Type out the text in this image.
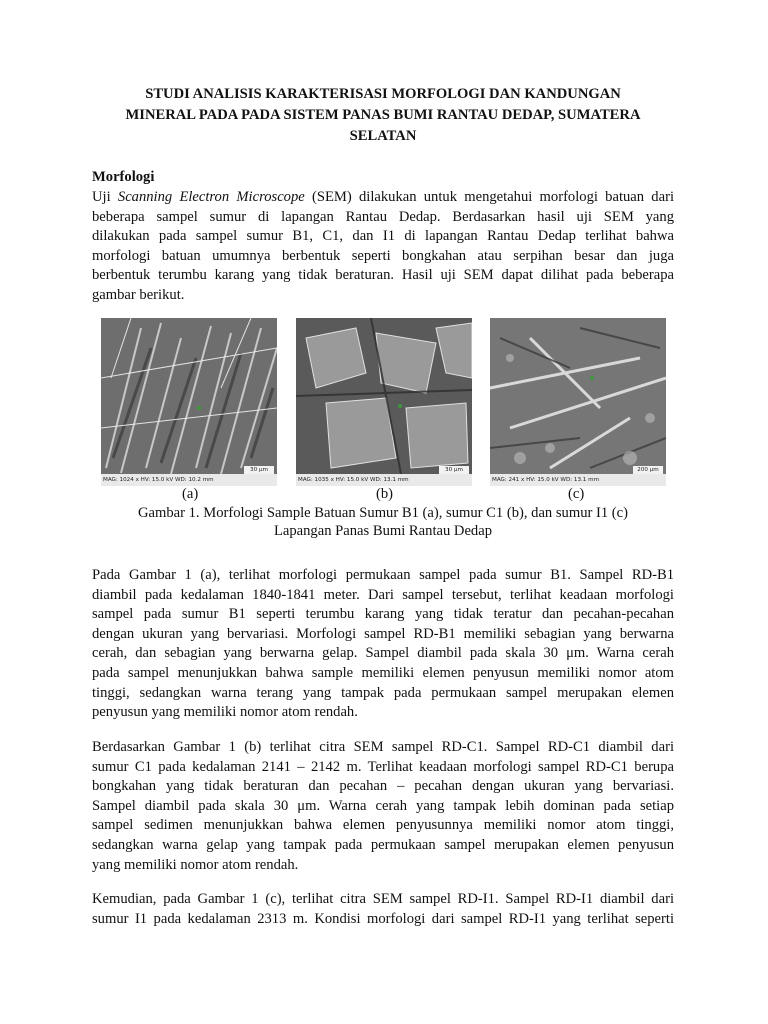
STUDI ANALISIS KARAKTERISASI MORFOLOGI DAN KANDUNGAN
MINERAL PADA PADA SISTEM PANAS BUMI RANTAU DEDAP, SUMATERA
SELATAN
Morfologi
Uji Scanning Electron Microscope (SEM) dilakukan untuk mengetahui morfologi batuan dari
beberapa sampel sumur di lapangan Rantau Dedap. Berdasarkan hasil uji SEM yang
dilakukan pada sampel sumur B1, C1, dan I1 di lapangan Rantau Dedap terlihat bahwa
morfologi batuan umumnya berbentuk seperti bongkahan atau serpihan besar dan juga
berbentuk terumbu karang yang tidak beraturan. Hasil uji SEM dapat dilihat pada beberapa
gambar berikut.
30 μm
MAG: 1024 x HV: 15.0 kV WD: 10.2 mm
30 μm
MAG: 1035 x HV: 15.0 kV WD: 13.1 mm
200 μm
MAG: 241 x HV: 15.0 kV WD: 13.1 mm
(a)	(b)	(c)
Gambar 1. Morfologi Sample Batuan Sumur B1 (a), sumur C1 (b), dan sumur I1 (c)
Lapangan Panas Bumi Rantau Dedap
Pada Gambar 1 (a), terlihat morfologi permukaan sampel pada sumur B1. Sampel RD-B1
diambil pada kedalaman 1840-1841 meter. Dari sampel tersebut, terlihat keadaan morfologi
sampel pada sumur B1 seperti terumbu karang yang tidak teratur dan pecahan-pecahan
dengan ukuran yang bervariasi. Morfologi sampel RD-B1 memiliki sebagian yang berwarna
cerah, dan sebagian yang berwarna gelap. Sampel diambil pada skala 30 μm. Warna cerah
pada sampel menunjukkan bahwa sample memiliki elemen penyusun memiliki nomor atom
tinggi, sedangkan warna terang yang tampak pada permukaan sampel merupakan elemen
penyusun yang memiliki nomor atom rendah.
Berdasarkan Gambar 1 (b) terlihat citra SEM sampel RD-C1. Sampel RD-C1 diambil dari
sumur C1 pada kedalaman 2141 – 2142 m. Terlihat keadaan morfologi sampel RD-C1 berupa
bongkahan yang tidak beraturan dan pecahan – pecahan dengan ukuran yang bervariasi.
Sampel diambil pada skala 30 μm. Warna cerah yang tampak lebih dominan pada setiap
sampel sedimen menunjukkan bahwa elemen penyusunnya memiliki nomor atom tinggi,
sedangkan warna gelap yang tampak pada permukaan sampel merupakan elemen penyusun
yang memiliki nomor atom rendah.
Kemudian, pada Gambar 1 (c), terlihat citra SEM sampel RD-I1. Sampel RD-I1 diambil dari
sumur I1 pada kedalaman 2313 m. Kondisi morfologi dari sampel RD-I1 yang terlihat seperti
